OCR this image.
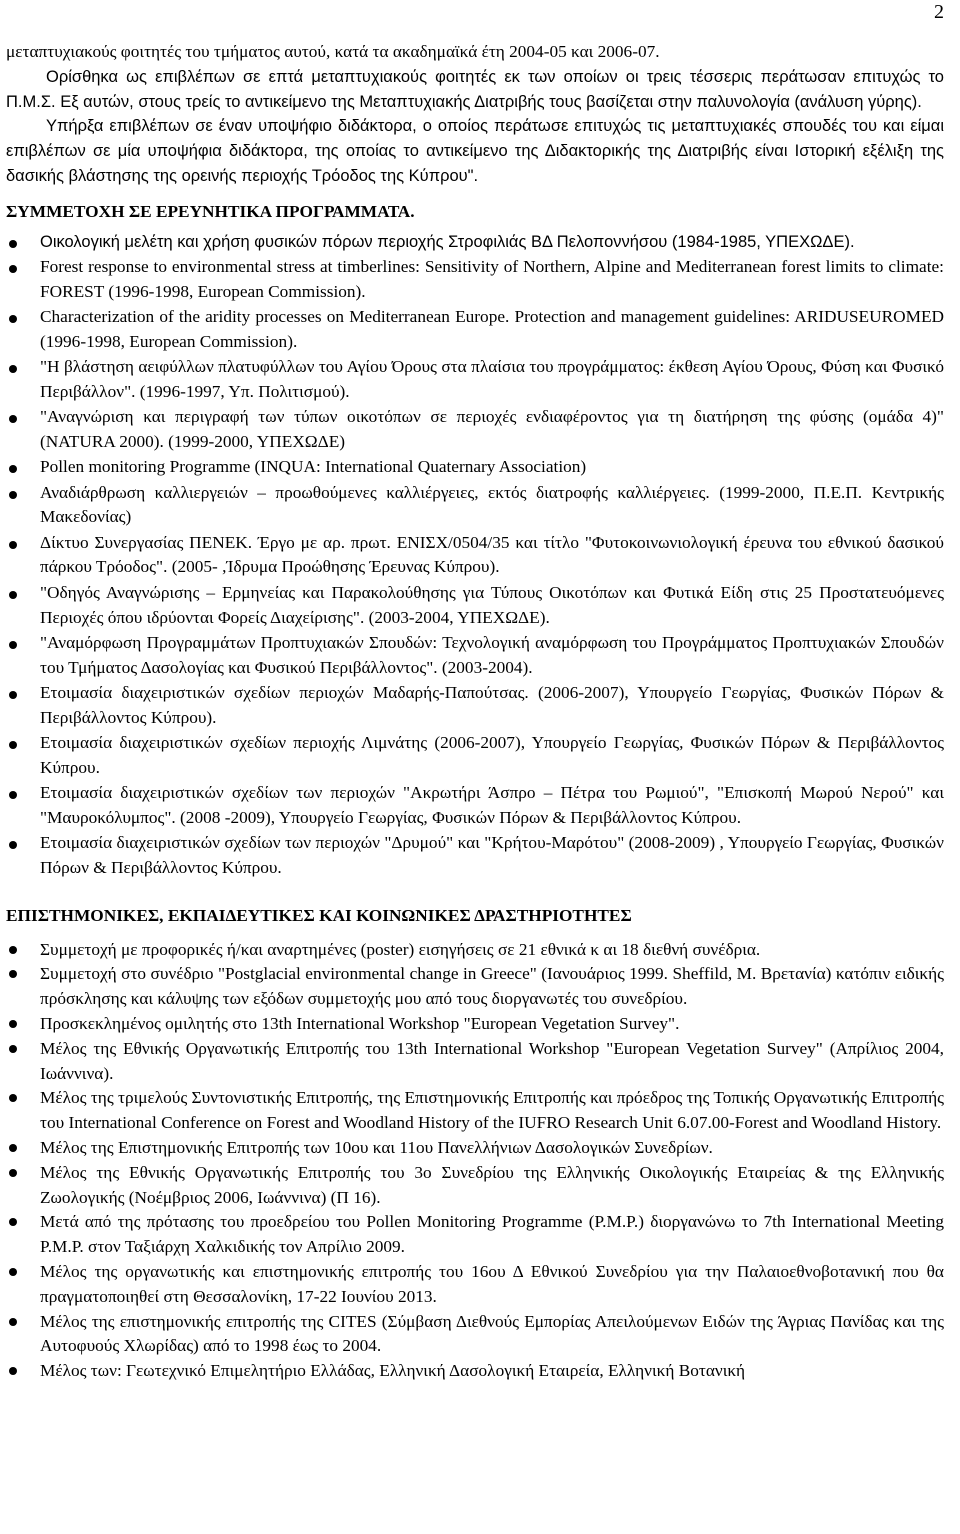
2

μεταπτυχιακούς φοιτητές του τμήματος αυτού, κατά τα ακαδημαϊκά έτη 2004-05 και 2006-07.

Ορίσθηκα ως επιβλέπων σε επτά μεταπτυχιακούς φοιτητές εκ των οποίων οι τρεις τέσσερις περάτωσαν επιτυχώς το Π.Μ.Σ. Εξ αυτών, στους τρείς το αντικείμενο της Μεταπτυχιακής Διατριβής τους βασίζεται στην παλυνολογία (ανάλυση γύρης).

Υπήρξα επιβλέπων σε έναν υποψήφιο διδάκτορα, ο οποίος περάτωσε επιτυχώς τις μεταπτυχιακές σπουδές του και είμαι επιβλέπων σε μία υποψήφια διδάκτορα, της οποίας το αντικείμενο της Διδακτορικής της Διατριβής είναι Ιστορική εξέλιξη της δασικής βλάστησης της ορεινής περιοχής Τρόοδος της Κύπρου".

ΣΥΜΜΕΤΟΧΗ ΣΕ ΕΡΕΥΝΗΤΙΚΑ ΠΡΟΓΡΑΜΜΑΤΑ.
Οικολογική μελέτη και χρήση φυσικών πόρων περιοχής Στροφιλιάς ΒΔ Πελοποννήσου (1984-1985, ΥΠΕΧΩΔΕ).
Forest response to environmental stress at timberlines: Sensitivity of Northern, Alpine and Mediterranean forest limits to climate: FOREST (1996-1998, European Commission).
Characterization of the aridity processes on Mediterranean Europe. Protection and management guidelines: ARIDUSEUROMED (1996-1998, European Commission).
"Η βλάστηση αειφύλλων πλατυφύλλων του Αγίου Όρους στα πλαίσια του προγράμματος: έκθεση Αγίου Όρους, Φύση και Φυσικό Περιβάλλον". (1996-1997, Υπ. Πολιτισμού).
"Αναγνώριση και περιγραφή των τύπων οικοτόπων σε περιοχές ενδιαφέροντος για τη διατήρηση της φύσης (ομάδα 4)" (NATURA 2000). (1999-2000, ΥΠΕΧΩΔΕ)
Pollen monitoring Programme (INQUA: International Quaternary Association)
Αναδιάρθρωση καλλιεργειών – προωθούμενες καλλιέργειες, εκτός διατροφής καλλιέργειες. (1999-2000, Π.Ε.Π. Κεντρικής Μακεδονίας)
Δίκτυο Συνεργασίας ΠΕΝΕΚ. Έργο με αρ. πρωτ. ΕΝΙΣΧ/0504/35 και τίτλο "Φυτοκοινωνιολογική έρευνα του εθνικού δασικού πάρκου Τρόοδος". (2005- ,Ίδρυμα Προώθησης Έρευνας Κύπρου).
"Οδηγός Αναγνώρισης – Ερμηνείας και Παρακολούθησης για Τύπους Οικοτόπων και Φυτικά Είδη στις 25 Προστατευόμενες Περιοχές όπου ιδρύονται Φορείς Διαχείρισης". (2003-2004, ΥΠΕΧΩΔΕ).
"Αναμόρφωση Προγραμμάτων Προπτυχιακών Σπουδών: Τεχνολογική αναμόρφωση του Προγράμματος Προπτυχιακών Σπουδών του Τμήματος Δασολογίας και Φυσικού Περιβάλλοντος". (2003-2004).
Ετοιμασία διαχειριστικών σχεδίων περιοχών Μαδαρής-Παπούτσας. (2006-2007), Υπουργείο Γεωργίας, Φυσικών Πόρων & Περιβάλλοντος Κύπρου).
Ετοιμασία διαχειριστικών σχεδίων περιοχής Λιμνάτης (2006-2007), Υπουργείο Γεωργίας, Φυσικών Πόρων & Περιβάλλοντος Κύπρου.
Ετοιμασία διαχειριστικών σχεδίων των περιοχών "Ακρωτήρι Άσπρο – Πέτρα του Ρωμιού", "Επισκοπή Μωρού Νερού" και "Μαυροκόλυμπος". (2008 -2009), Υπουργείο Γεωργίας, Φυσικών Πόρων & Περιβάλλοντος Κύπρου.
Ετοιμασία διαχειριστικών σχεδίων των περιοχών "Δρυμού" και "Κρήτου-Μαρότου" (2008-2009) , Υπουργείο Γεωργίας, Φυσικών Πόρων & Περιβάλλοντος Κύπρου.
ΕΠΙΣΤΗΜΟΝΙΚΕΣ, ΕΚΠΑΙΔΕΥΤΙΚΕΣ ΚΑΙ ΚΟΙΝΩΝΙΚΕΣ ΔΡΑΣΤΗΡΙΟΤΗΤΕΣ
Συμμετοχή με προφορικές ή/και αναρτημένες (poster) εισηγήσεις σε 21 εθνικά κ αι 18 διεθνή συνέδρια.
Συμμετοχή στο συνέδριο "Postglacial environmental change in Greece" (Ιανουάριος 1999. Sheffild, M. Βρετανία) κατόπιν ειδικής πρόσκλησης και κάλυψης των εξόδων συμμετοχής μου από τους διοργανωτές του συνεδρίου.
Προσκεκλημένος ομιλητής στο 13th International Workshop "European Vegetation Survey".
Μέλος της Εθνικής Οργανωτικής Επιτροπής του 13th International Workshop "European Vegetation Survey" (Απρίλιος 2004, Ιωάννινα).
Μέλος της τριμελούς Συντονιστικής Επιτροπής, της Επιστημονικής Επιτροπής και πρόεδρος της Τοπικής Οργανωτικής Επιτροπής του International Conference on Forest and Woodland History of the IUFRO Research Unit 6.07.00-Forest and Woodland History.
Μέλος της Επιστημονικής Επιτροπής των 10ου και 11ου Πανελλήνιων Δασολογικών Συνεδρίων.
Μέλος της Εθνικής Οργανωτικής Επιτροπής του 3ο Συνεδρίου της Ελληνικής Οικολογικής Εταιρείας & της Ελληνικής Ζωολογικής (Νοέμβριος 2006, Ιωάννινα) (Π 16).
Μετά από της πρότασης του προεδρείου του Pollen Monitoring Programme (P.M.P.) διοργανώνω το 7th International Meeting P.M.P. στον Ταξιάρχη Χαλκιδικής τον Απρίλιο 2009.
Μέλος της οργανωτικής και επιστημονικής επιτροπής του 16ου Δ Εθνικού Συνεδρίου για την Παλαιοεθνοβοτανική που θα πραγματοποιηθεί στη Θεσσαλονίκη, 17-22 Ιουνίου 2013.
Μέλος της επιστημονικής επιτροπής της CITES (Σύμβαση Διεθνούς Εμπορίας Απειλούμενων Ειδών της Άγριας Πανίδας και της Αυτοφυούς Χλωρίδας) από το 1998 έως το 2004.
Μέλος των: Γεωτεχνικό Επιμελητήριο Ελλάδας, Ελληνική Δασολογική Εταιρεία, Ελληνική Βοτανική
